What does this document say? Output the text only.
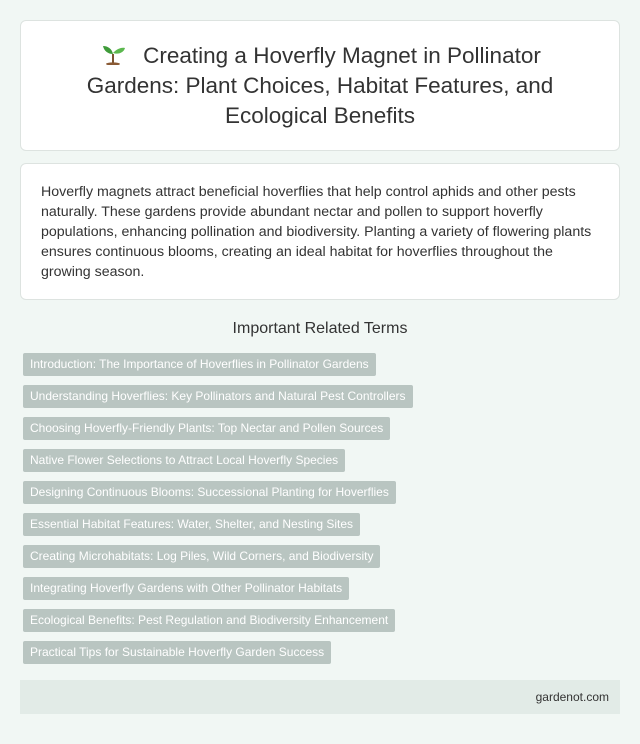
Creating a Hoverfly Magnet in Pollinator Gardens: Plant Choices, Habitat Features, and Ecological Benefits

Hoverfly magnets attract beneficial hoverflies that help control aphids and other pests naturally. These gardens provide abundant nectar and pollen to support hoverfly populations, enhancing pollination and biodiversity. Planting a variety of flowering plants ensures continuous blooms, creating an ideal habitat for hoverflies throughout the growing season.

Important Related Terms
Introduction: The Importance of Hoverflies in Pollinator Gardens
Understanding Hoverflies: Key Pollinators and Natural Pest Controllers
Choosing Hoverfly-Friendly Plants: Top Nectar and Pollen Sources
Native Flower Selections to Attract Local Hoverfly Species
Designing Continuous Blooms: Successional Planting for Hoverflies
Essential Habitat Features: Water, Shelter, and Nesting Sites
Creating Microhabitats: Log Piles, Wild Corners, and Biodiversity
Integrating Hoverfly Gardens with Other Pollinator Habitats
Ecological Benefits: Pest Regulation and Biodiversity Enhancement
Practical Tips for Sustainable Hoverfly Garden Success
gardenot.com
